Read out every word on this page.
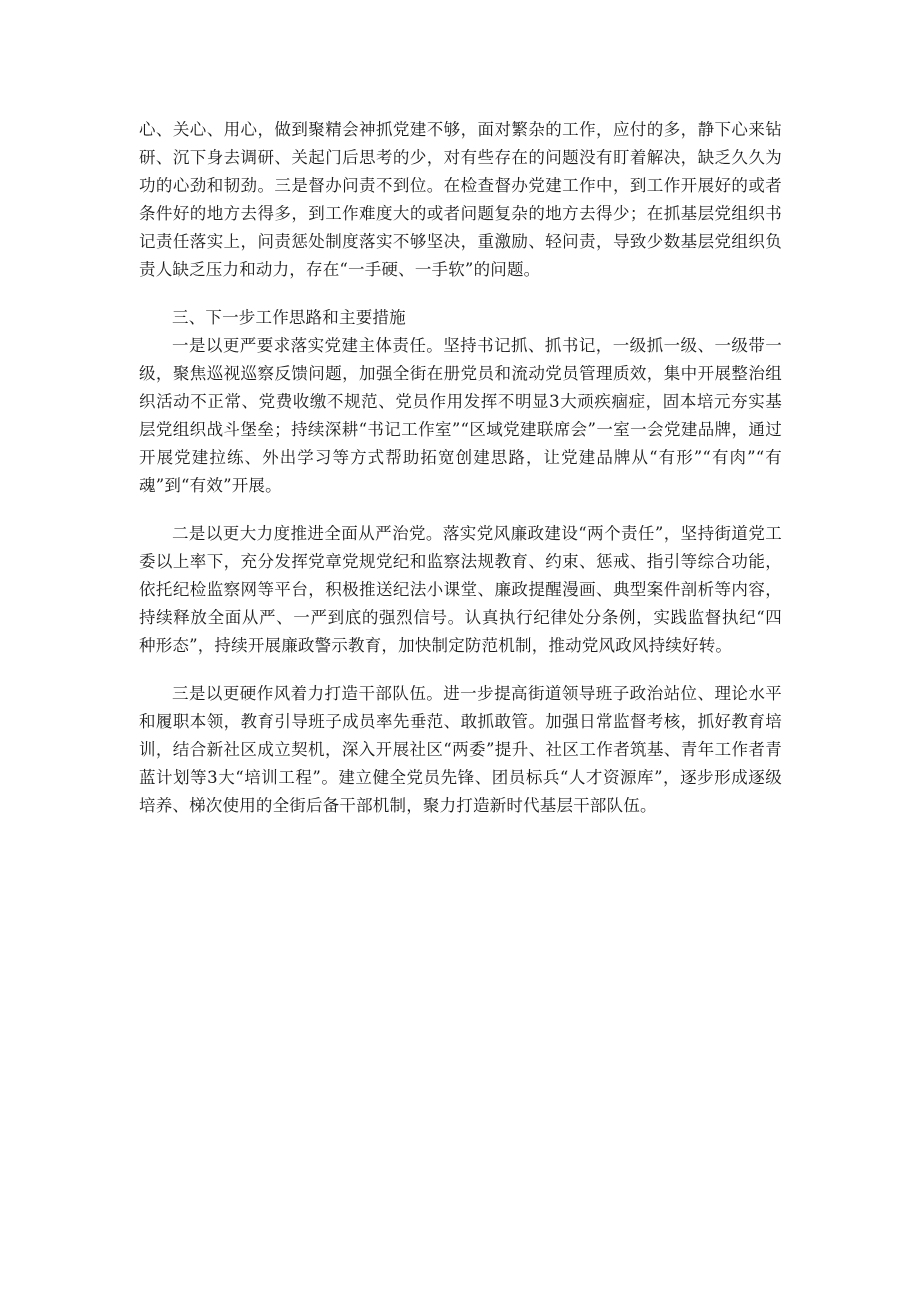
心、关心、用心，做到聚精会神抓党建不够，面对繁杂的工作，应付的多，静下心来钻研、沉下身去调研、关起门后思考的少，对有些存在的问题没有盯着解决，缺乏久久为功的心劲和韧劲。三是督办问责不到位。在检查督办党建工作中，到工作开展好的或者条件好的地方去得多，到工作难度大的或者问题复杂的地方去得少；在抓基层党组织书记责任落实上，问责惩处制度落实不够坚决，重激励、轻问责，导致少数基层党组织负责人缺乏压力和动力，存在“一手硬、一手软”的问题。

三、下一步工作思路和主要措施

一是以更严要求落实党建主体责任。坚持书记抓、抓书记，一级抓一级、一级带一级，聚焦巡视巡察反馈问题，加强全街在册党员和流动党员管理质效，集中开展整治组织活动不正常、党费收缴不规范、党员作用发挥不明显3大顽疾痼症，固本培元夯实基层党组织战斗堡垒；持续深耕“书记工作室”“区域党建联席会”一室一会党建品牌，通过开展党建拉练、外出学习等方式帮助拓宽创建思路，让党建品牌从“有形”“有肉”“有魂”到“有效”开展。

二是以更大力度推进全面从严治党。落实党风廉政建设“两个责任”，坚持街道党工委以上率下，充分发挥党章党规党纪和监察法规教育、约束、惩戒、指引等综合功能，依托纪检监察网等平台，积极推送纪法小课堂、廉政提醒漫画、典型案件剖析等内容，持续释放全面从严、一严到底的强烈信号。认真执行纪律处分条例，实践监督执纪“四种形态”，持续开展廉政警示教育，加快制定防范机制，推动党风政风持续好转。

三是以更硬作风着力打造干部队伍。进一步提高街道领导班子政治站位、理论水平和履职本领，教育引导班子成员率先垂范、敢抓敢管。加强日常监督考核，抓好教育培训，结合新社区成立契机，深入开展社区“两委”提升、社区工作者筑基、青年工作者青蓝计划等3大“培训工程”。建立健全党员先锋、团员标兵“人才资源库”，逐步形成逐级培养、梯次使用的全街后备干部机制，聚力打造新时代基层干部队伍。
